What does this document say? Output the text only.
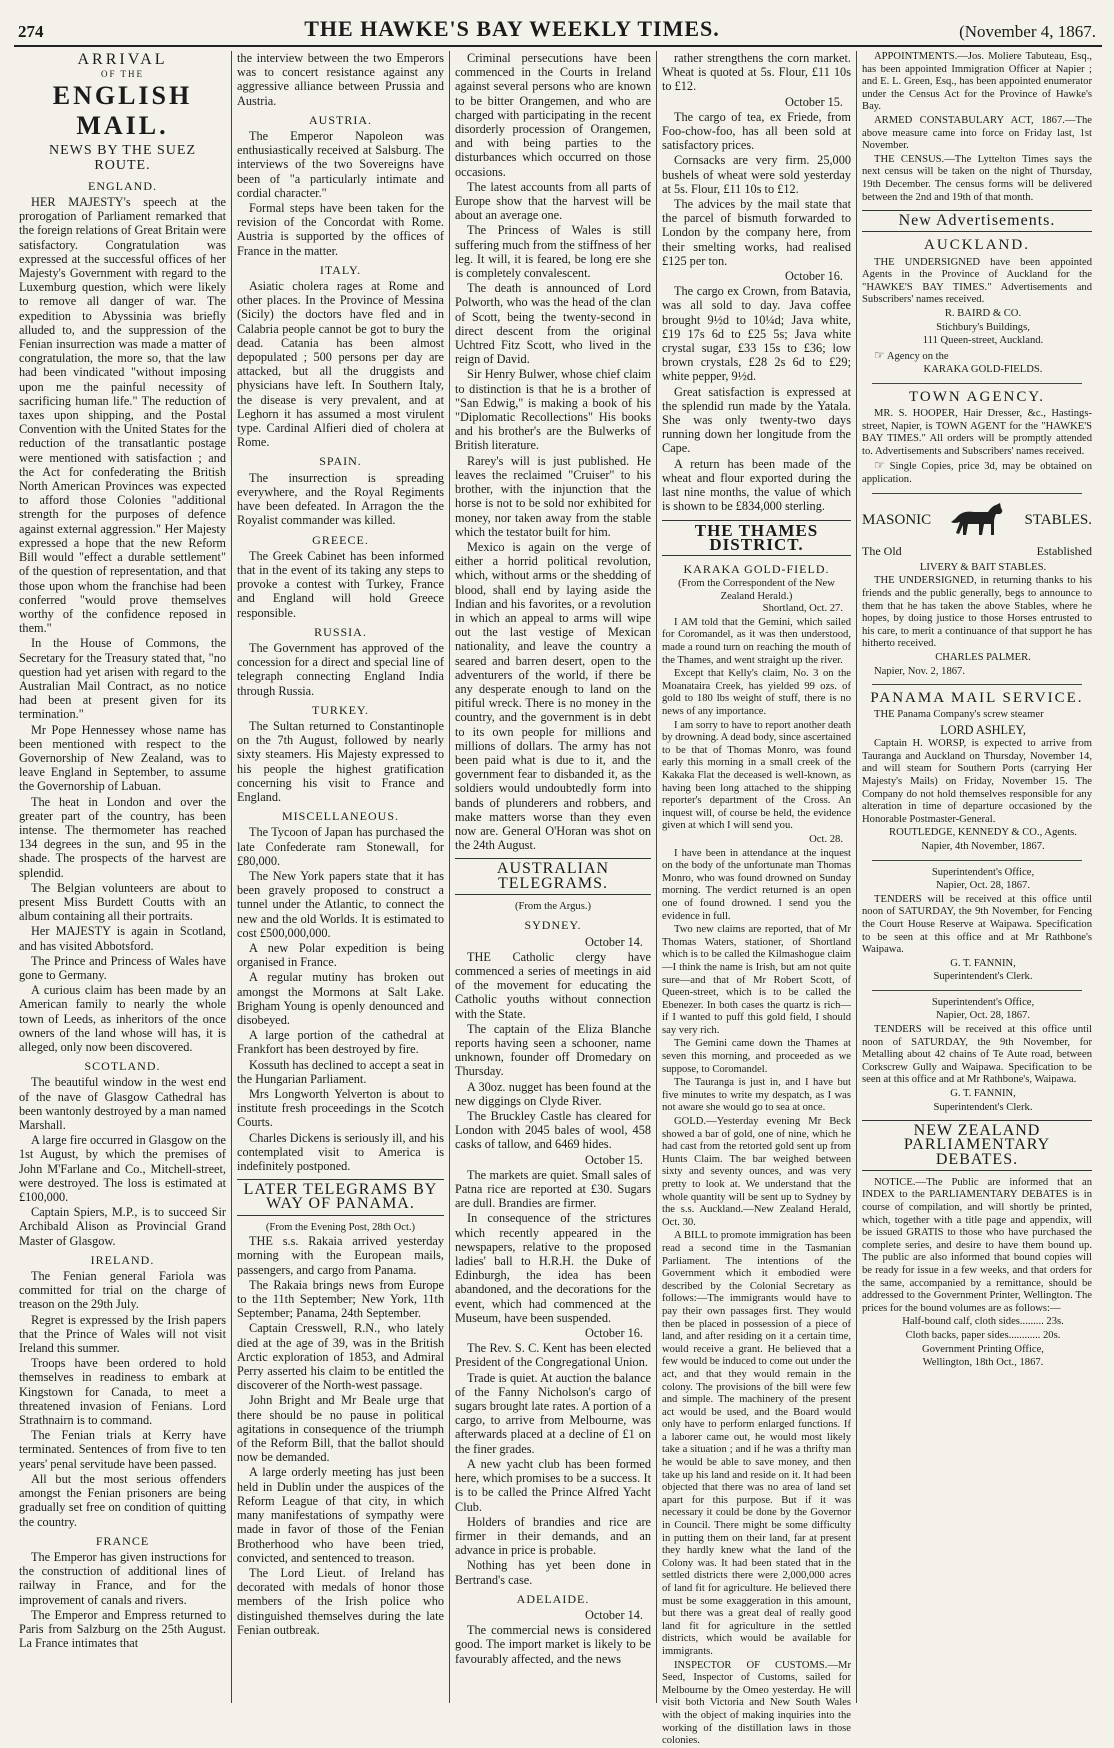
274	THE HAWKE'S BAY WEEKLY TIMES.	(November 4, 1867.
ARRIVAL
OF THE
ENGLISH MAIL.
NEWS BY THE SUEZ ROUTE.
ENGLAND.

HER MAJESTY's speech at the prorogation of Parliament remarked that the foreign relations of Great Britain were satisfactory. Congratulation was expressed at the successful offices of her Majesty's Government with regard to the Luxemburg question, which were likely to remove all danger of war. The expedition to Abyssinia was briefly alluded to, and the suppression of the Fenian insurrection was made a matter of congratulation, the more so, that the law had been vindicated "without imposing upon me the painful necessity of sacrificing human life." The reduction of taxes upon shipping, and the Postal Convention with the United States for the reduction of the transatlantic postage were mentioned with satisfaction ; and the Act for confederating the British North American Provinces was expected to afford those Colonies "additional strength for the purposes of defence against external aggression." Her Majesty expressed a hope that the new Reform Bill would "effect a durable settlement" of the question of representation, and that those upon whom the franchise had been conferred "would prove themselves worthy of the confidence reposed in them."

In the House of Commons, the Secretary for the Treasury stated that, "no question had yet arisen with regard to the Australian Mail Contract, as no notice had been at present given for its termination."

Mr Pope Hennessey whose name has been mentioned with respect to the Governorship of New Zealand, was to leave England in September, to assume the Governorship of Labuan.

The heat in London and over the greater part of the country, has been intense. The thermometer has reached 134 degrees in the sun, and 95 in the shade. The prospects of the harvest are splendid.

The Belgian volunteers are about to present Miss Burdett Coutts with an album containing all their portraits.

Her MAJESTY is again in Scotland, and has visited Abbotsford.

The Prince and Princess of Wales have gone to Germany.

A curious claim has been made by an American family to nearly the whole town of Leeds, as inheritors of the once owners of the land whose will has, it is alleged, only now been discovered.

SCOTLAND.

The beautiful window in the west end of the nave of Glasgow Cathedral has been wantonly destroyed by a man named Marshall.

A large fire occurred in Glasgow on the 1st August, by which the premises of John M'Farlane and Co., Mitchell-street, were destroyed. The loss is estimated at £100,000.

Captain Spiers, M.P., is to succeed Sir Archibald Alison as Provincial Grand Master of Glasgow.

IRELAND.

The Fenian general Fariola was committed for trial on the charge of treason on the 29th July.

Regret is expressed by the Irish papers that the Prince of Wales will not visit Ireland this summer.

Troops have been ordered to hold themselves in readiness to embark at Kingstown for Canada, to meet a threatened invasion of Fenians. Lord Strathnairn is to command.

The Fenian trials at Kerry have terminated. Sentences of from five to ten years' penal servitude have been passed.

All but the most serious offenders amongst the Fenian prisoners are being gradually set free on condition of quitting the country.

FRANCE

The Emperor has given instructions for the construction of additional lines of railway in France, and for the improvement of canals and rivers.

The Emperor and Empress returned to Paris from Salzburg on the 25th August. La France intimates that

the interview between the two Emperors was to concert resistance against any aggressive alliance between Prussia and Austria.

AUSTRIA.

The Emperor Napoleon was enthusiastically received at Salsburg. The interviews of the two Sovereigns have been of "a particularly intimate and cordial character."

Formal steps have been taken for the revision of the Concordat with Rome. Austria is supported by the offices of France in the matter.

ITALY.

Asiatic cholera rages at Rome and other places. In the Province of Messina (Sicily) the doctors have fled and in Calabria people cannot be got to bury the dead. Catania has been almost depopulated ; 500 persons per day are attacked, but all the druggists and physicians have left. In Southern Italy, the disease is very prevalent, and at Leghorn it has assumed a most virulent type. Cardinal Alfieri died of cholera at Rome.

SPAIN.

The insurrection is spreading everywhere, and the Royal Regiments have been defeated. In Arragon the the Royalist commander was killed.

GREECE.

The Greek Cabinet has been informed that in the event of its taking any steps to provoke a contest with Turkey, France and England will hold Greece responsible.

RUSSIA.

The Government has approved of the concession for a direct and special line of telegraph connecting England India through Russia.

TURKEY.

The Sultan returned to Constantinople on the 7th August, followed by nearly sixty steamers. His Majesty expressed to his people the highest gratification concerning his visit to France and England.

MISCELLANEOUS.

The Tycoon of Japan has purchased the late Confederate ram Stonewall, for £80,000.

The New York papers state that it has been gravely proposed to construct a tunnel under the Atlantic, to connect the new and the old Worlds. It is estimated to cost £500,000,000.

A new Polar expedition is being organised in France.

A regular mutiny has broken out amongst the Mormons at Salt Lake. Brigham Young is openly denounced and disobeyed.

A large portion of the cathedral at Frankfort has been destroyed by fire.

Kossuth has declined to accept a seat in the Hungarian Parliament.

Mrs Longworth Yelverton is about to institute fresh proceedings in the Scotch Courts.

Charles Dickens is seriously ill, and his contemplated visit to America is indefinitely postponed.

LATER TELEGRAMS BY WAY OF PANAMA.
(From the Evening Post, 28th Oct.)

THE s.s. Rakaia arrived yesterday morning with the European mails, passengers, and cargo from Panama.

The Rakaia brings news from Europe to the 11th September; New York, 11th September; Panama, 24th September.

Captain Cresswell, R.N., who lately died at the age of 39, was in the British Arctic exploration of 1853, and Admiral Perry asserted his claim to be entitled the discoverer of the North-west passage.

John Bright and Mr Beale urge that there should be no pause in political agitations in consequence of the triumph of the Reform Bill, that the ballot should now be demanded.

A large orderly meeting has just been held in Dublin under the auspices of the Reform League of that city, in which many manifestations of sympathy were made in favor of those of the Fenian Brotherhood who have been tried, convicted, and sentenced to treason.

The Lord Lieut. of Ireland has decorated with medals of honor those members of the Irish police who distinguished themselves during the late Fenian outbreak.

Criminal persecutions have been commenced in the Courts in Ireland against several persons who are known to be bitter Orangemen, and who are charged with participating in the recent disorderly procession of Orangemen, and with being parties to the disturbances which occurred on those occasions.

The latest accounts from all parts of Europe show that the harvest will be about an average one.

The Princess of Wales is still suffering much from the stiffness of her leg. It will, it is feared, be long ere she is completely convalescent.

The death is announced of Lord Polworth, who was the head of the clan of Scott, being the twenty-second in direct descent from the original Uchtred Fitz Scott, who lived in the reign of David.

Sir Henry Bulwer, whose chief claim to distinction is that he is a brother of "San Edwig," is making a book of his "Diplomatic Recollections" His books and his brother's are the Bulwerks of British literature.

Rarey's will is just published. He leaves the reclaimed "Cruiser" to his brother, with the injunction that the horse is not to be sold nor exhibited for money, nor taken away from the stable which the testator built for him.

Mexico is again on the verge of either a horrid political revolution, which, without arms or the shedding of blood, shall end by laying aside the Indian and his favorites, or a revolution in which an appeal to arms will wipe out the last vestige of Mexican nationality, and leave the country a seared and barren desert, open to the adventurers of the world, if there be any desperate enough to land on the pitiful wreck. There is no money in the country, and the government is in debt to its own people for millions and millions of dollars. The army has not been paid what is due to it, and the government fear to disbanded it, as the soldiers would undoubtedly form into bands of plunderers and robbers, and make matters worse than they even now are. General O'Horan was shot on the 24th August.

AUSTRALIAN TELEGRAMS.
(From the Argus.)
SYDNEY.

October 14.

THE Catholic clergy have commenced a series of meetings in aid of the movement for educating the Catholic youths without connection with the State.

The captain of the Eliza Blanche reports having seen a schooner, name unknown, founder off Dromedary on Thursday.

A 30oz. nugget has been found at the new diggings on Clyde River.

The Bruckley Castle has cleared for London with 2045 bales of wool, 458 casks of tallow, and 6469 hides.

October 15.

The markets are quiet. Small sales of Patna rice are reported at £30. Sugars are dull. Brandies are firmer.

In consequence of the strictures which recently appeared in the newspapers, relative to the proposed ladies' ball to H.R.H. the Duke of Edinburgh, the idea has been abandoned, and the decorations for the event, which had commenced at the Museum, have been suspended.

October 16.

The Rev. S. C. Kent has been elected President of the Congregational Union.

Trade is quiet. At auction the balance of the Fanny Nicholson's cargo of sugars brought late rates. A portion of a cargo, to arrive from Melbourne, was afterwards placed at a decline of £1 on the finer grades.

A new yacht club has been formed here, which promises to be a success. It is to be called the Prince Alfred Yacht Club.

Holders of brandies and rice are firmer in their demands, and an advance in price is probable.

Nothing has yet been done in Bertrand's case.

ADELAIDE.

October 14.

The commercial news is considered good. The import market is likely to be favourably affected, and the news

rather strengthens the corn market. Wheat is quoted at 5s. Flour, £11 10s to £12.

October 15.

The cargo of tea, ex Friede, from Foo-chow-foo, has all been sold at satisfactory prices.

Cornsacks are very firm. 25,000 bushels of wheat were sold yesterday at 5s. Flour, £11 10s to £12.

The advices by the mail state that the parcel of bismuth forwarded to London by the company here, from their smelting works, had realised £125 per ton.

October 16.

The cargo ex Crown, from Batavia, was all sold to day. Java coffee brought 9½d to 10¼d; Java white, £19 17s 6d to £25 5s; Java white crystal sugar, £33 15s to £36; low brown crystals, £28 2s 6d to £29; white pepper, 9½d.

Great satisfaction is expressed at the splendid run made by the Yatala. She was only twenty-two days running down her longitude from the Cape.

A return has been made of the wheat and flour exported during the last nine months, the value of which is shown to be £834,000 sterling.

THE THAMES DISTRICT.
KARAKA GOLD-FIELD.
(From the Correspondent of the New Zealand Herald.)

Shortland, Oct. 27.

I AM told that the Gemini, which sailed for Coromandel, as it was then understood, made a round turn on reaching the mouth of the Thames, and went straight up the river.

Except that Kelly's claim, No. 3 on the Moanataira Creek, has yielded 99 ozs. of gold to 180 lbs weight of stuff, there is no news of any importance.

I am sorry to have to report another death by drowning. A dead body, since ascertained to be that of Thomas Monro, was found early this morning in a small creek of the Kakaka Flat the deceased is well-known, as having been long attached to the shipping reporter's department of the Cross. An inquest will, of course be held, the evidence given at which I will send you.

Oct. 28.

I have been in attendance at the inquest on the body of the unfortunate man Thomas Monro, who was found drowned on Sunday morning. The verdict returned is an open one of found drowned. I send you the evidence in full.

Two new claims are reported, that of Mr Thomas Waters, stationer, of Shortland which is to be called the Kilmashogue claim—I think the name is Irish, but am not quite sure—and that of Mr Robert Scott, of Queen-street, which is to be called the Ebenezer. In both cases the quartz is rich—if I wanted to puff this gold field, I should say very rich.

The Gemini came down the Thames at seven this morning, and proceeded as we suppose, to Coromandel.

The Tauranga is just in, and I have but five minutes to write my despatch, as I was not aware she would go to sea at once.

GOLD.—Yesterday evening Mr Beck showed a bar of gold, one of nine, which he had cast from the retorted gold sent up from Hunts Claim. The bar weighed between sixty and seventy ounces, and was very pretty to look at. We understand that the whole quantity will be sent up to Sydney by the s.s. Auckland.—New Zealand Herald, Oct. 30.

A BILL to promote immigration has been read a second time in the Tasmanian Parliament. The intentions of the Government which it embodied were described by the Colonial Secretary as follows:—The immigrants would have to pay their own passages first. They would then be placed in possession of a piece of land, and after residing on it a certain time, would receive a grant. He believed that a few would be induced to come out under the act, and that they would remain in the colony. The provisions of the bill were few and simple. The machinery of the present act would be used, and the Board would only have to perform enlarged functions. If a laborer came out, he would most likely take a situation ; and if he was a thrifty man he would be able to save money, and then take up his land and reside on it. It had been objected that there was no area of land set apart for this purpose. But if it was necessary it could be done by the Governor in Council. There might be some difficulty in putting them on their land, far at present they hardly knew what the land of the Colony was. It had been stated that in the settled districts there were 2,000,000 acres of land fit for agriculture. He believed there must be some exaggeration in this amount, but there was a great deal of really good land fit for agriculture in the settled districts, which would be available for immigrants.

INSPECTOR OF CUSTOMS.—Mr Seed, Inspector of Customs, sailed for Melbourne by the Omeo yesterday. He will visit both Victoria and New South Wales with the object of making inquiries into the working of the distillation laws in those colonies.

APPOINTMENTS.—Jos. Moliere Tabuteau, Esq., has been appointed Immigration Officer at Napier ; and E. L. Green, Esq., has been appointed enumerator under the Census Act for the Province of Hawke's Bay.

ARMED CONSTABULARY ACT, 1867.—The above measure came into force on Friday last, 1st November.

THE CENSUS.—The Lyttelton Times says the next census will be taken on the night of Thursday, 19th December. The census forms will be delivered between the 2nd and 19th of that month.

New Advertisements.
AUCKLAND.

THE UNDERSIGNED have been appointed Agents in the Province of Auckland for the "HAWKE'S BAY TIMES." Advertisements and Subscribers' names received.

R. BAIRD & CO.

Stichbury's Buildings,

111 Queen-street, Auckland.

☞ Agency on the

KARAKA GOLD-FIELDS.

TOWN AGENCY.

MR. S. HOOPER, Hair Dresser, &c., Hastings-street, Napier, is TOWN AGENT for the "HAWKE'S BAY TIMES." All orders will be promptly attended to. Advertisements and Subscribers' names received.

☞ Single Copies, price 3d, may be obtained on application.

MASONIC	STABLES.
The Old	Established

LIVERY & BAIT STABLES.

THE UNDERSIGNED, in returning thanks to his friends and the public generally, begs to announce to them that he has taken the above Stables, where he hopes, by doing justice to those Horses entrusted to his care, to merit a continuance of that support he has hitherto received.

CHARLES PALMER.

Napier, Nov. 2, 1867.

PANAMA MAIL SERVICE.

THE Panama Company's screw steamer

LORD ASHLEY,

Captain H. WORSP, is expected to arrive from Tauranga and Auckland on Thursday, November 14, and will steam for Southern Ports (carrying Her Majesty's Mails) on Friday, November 15. The Company do not hold themselves responsible for any alteration in time of departure occasioned by the Honorable Postmaster-General.

ROUTLEDGE, KENNEDY & CO., Agents.

Napier, 4th November, 1867.

Superintendent's Office,

Napier, Oct. 28, 1867.

TENDERS will be received at this office until noon of SATURDAY, the 9th November, for Fencing the Court House Reserve at Waipawa. Specification to be seen at this office and at Mr Rathbone's Waipawa.

G. T. FANNIN,

Superintendent's Clerk.

Superintendent's Office,

Napier, Oct. 28, 1867.

TENDERS will be received at this office until noon of SATURDAY, the 9th November, for Metalling about 42 chains of Te Aute road, between Corkscrew Gully and Waipawa. Specification to be seen at this office and at Mr Rathbone's, Waipawa.

G. T. FANNIN,

Superintendent's Clerk.

NEW ZEALAND PARLIAMENTARY DEBATES.

NOTICE.—The Public are informed that an INDEX to the PARLIAMENTARY DEBATES is in course of compilation, and will shortly be printed, which, together with a title page and appendix, will be issued GRATIS to those who have purchased the complete series, and desire to have them bound up. The public are also informed that bound copies will be ready for issue in a few weeks, and that orders for the same, accompanied by a remittance, should be addressed to the Government Printer, Wellington. The prices for the bound volumes are as follows:—

Half-bound calf, cloth sides......... 23s.

Cloth backs, paper sides............ 20s.

Government Printing Office,

Wellington, 18th Oct., 1867.
